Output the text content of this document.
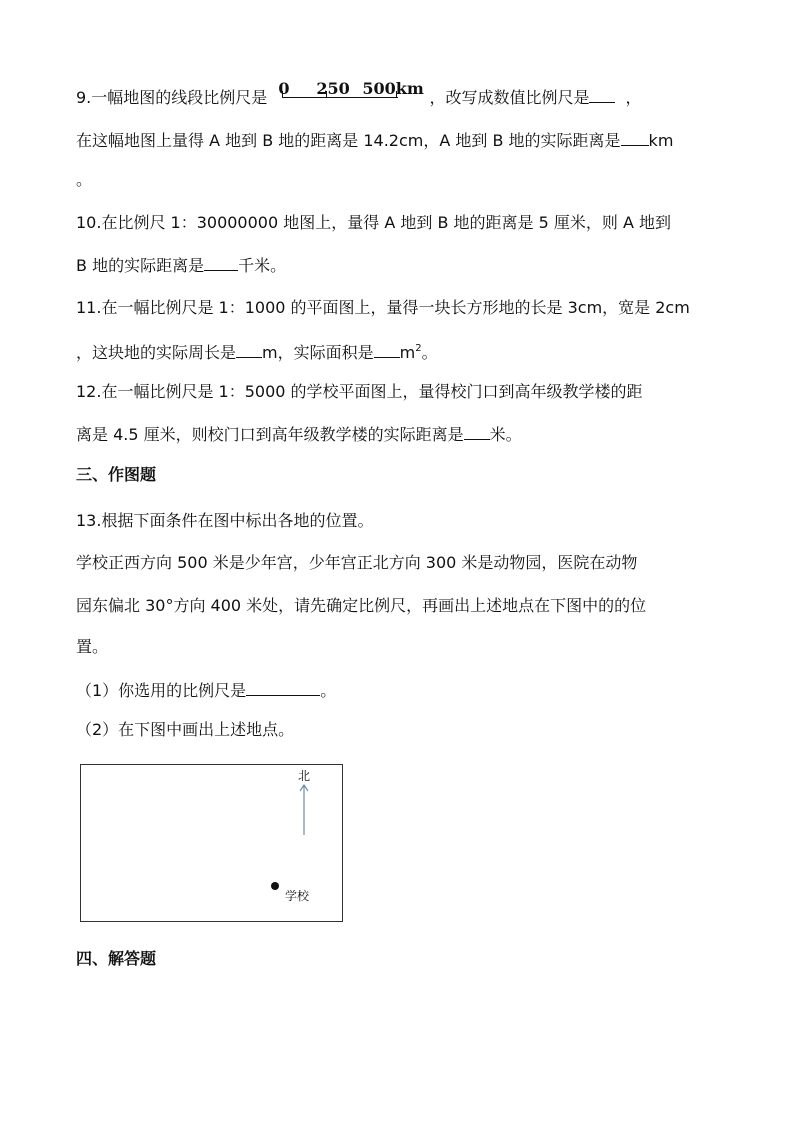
9.一幅地图的线段比例尺是 0 250 500km ，改写成数值比例尺是 ，
在这幅地图上量得 A 地到 B 地的距离是 14.2cm，A 地到 B 地的实际距离是 km
。
10.在比例尺 1：30000000 地图上，量得 A 地到 B 地的距离是 5 厘米，则 A 地到
B 地的实际距离是 千米。
11.在一幅比例尺是 1：1000 的平面图上，量得一块长方形地的长是 3cm，宽是 2cm
，这块地的实际周长是 m，实际面积是 $m^2$。
12.在一幅比例尺是 1：5000 的学校平面图上，量得校门口到高年级教学楼的距
离是 4.5 厘米，则校门口到高年级教学楼的实际距离是 米。
三、作图题
13.根据下面条件在图中标出各地的位置。
学校正西方向 500 米是少年宫，少年宫正北方向 300 米是动物园，医院在动物
园东偏北 30°方向 400 米处，请先确定比例尺，再画出上述地点在下图中的的位
置。
（1）你选用的比例尺是	。
（2）在下图中画出上述地点。
北
学校
四、解答题
